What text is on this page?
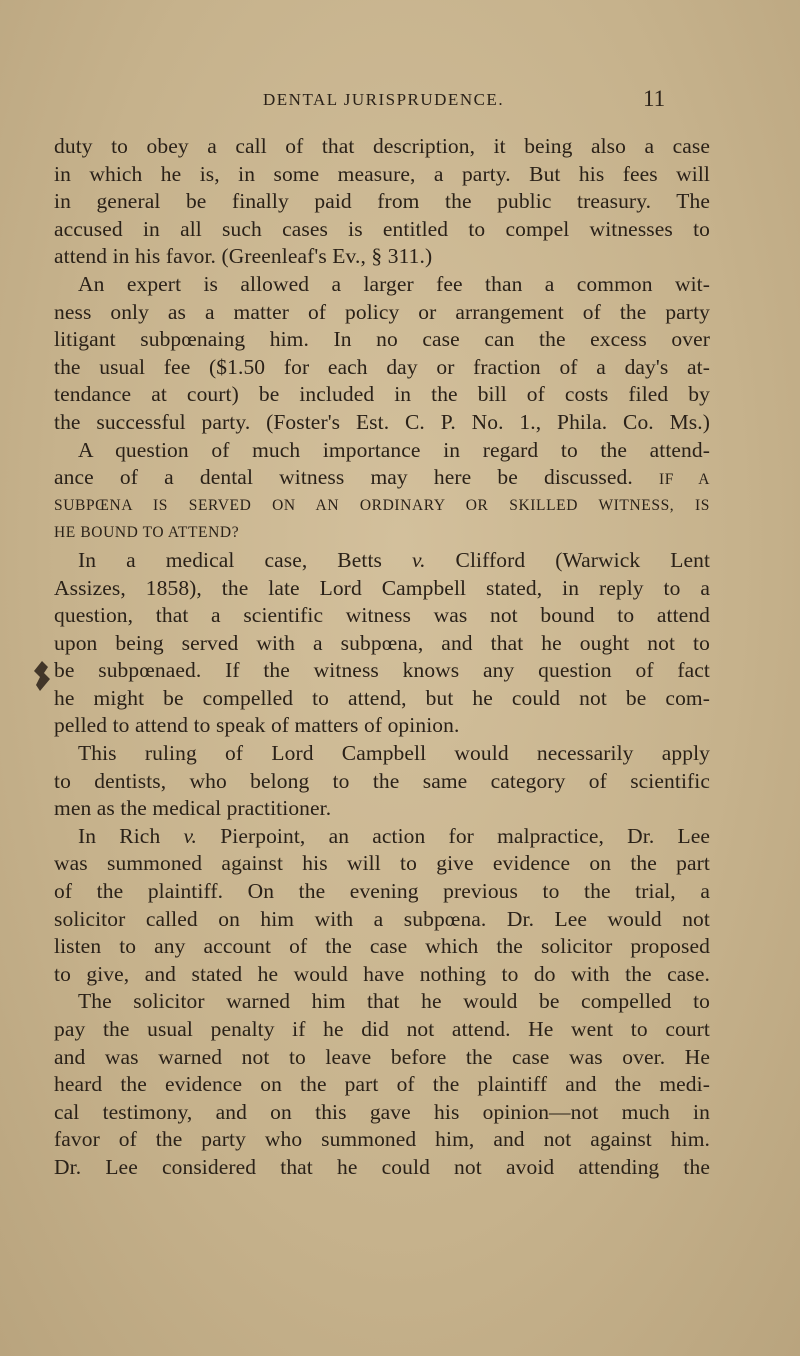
DENTAL JURISPRUDENCE.	11
duty to obey a call of that description, it being also a case
in which he is, in some measure, a party. But his fees will
in general be finally paid from the public treasury. The
accused in all such cases is entitled to compel witnesses to
attend in his favor. (Greenleaf's Ev., § 311.)
An expert is allowed a larger fee than a common wit-
ness only as a matter of policy or arrangement of the party
litigant subpœnaing him. In no case can the excess over
the usual fee ($1.50 for each day or fraction of a day's at-
tendance at court) be included in the bill of costs filed by
the successful party. (Foster's Est. C. P. No. 1., Phila. Co. Ms.)
A question of much importance in regard to the attend-
ance of a dental witness may here be discussed. IF A
SUBPŒNA IS SERVED ON AN ORDINARY OR SKILLED WITNESS, IS
HE BOUND TO ATTEND?
In a medical case, Betts v. Clifford (Warwick Lent
Assizes, 1858), the late Lord Campbell stated, in reply to a
question, that a scientific witness was not bound to attend
upon being served with a subpœna, and that he ought not to
be subpœnaed. If the witness knows any question of fact
he might be compelled to attend, but he could not be com-
pelled to attend to speak of matters of opinion.
This ruling of Lord Campbell would necessarily apply
to dentists, who belong to the same category of scientific
men as the medical practitioner.
In Rich v. Pierpoint, an action for malpractice, Dr. Lee
was summoned against his will to give evidence on the part
of the plaintiff. On the evening previous to the trial, a
solicitor called on him with a subpœna. Dr. Lee would not
listen to any account of the case which the solicitor proposed
to give, and stated he would have nothing to do with the case.
The solicitor warned him that he would be compelled to
pay the usual penalty if he did not attend. He went to court
and was warned not to leave before the case was over. He
heard the evidence on the part of the plaintiff and the medi-
cal testimony, and on this gave his opinion—not much in
favor of the party who summoned him, and not against him.
Dr. Lee considered that he could not avoid attending the
